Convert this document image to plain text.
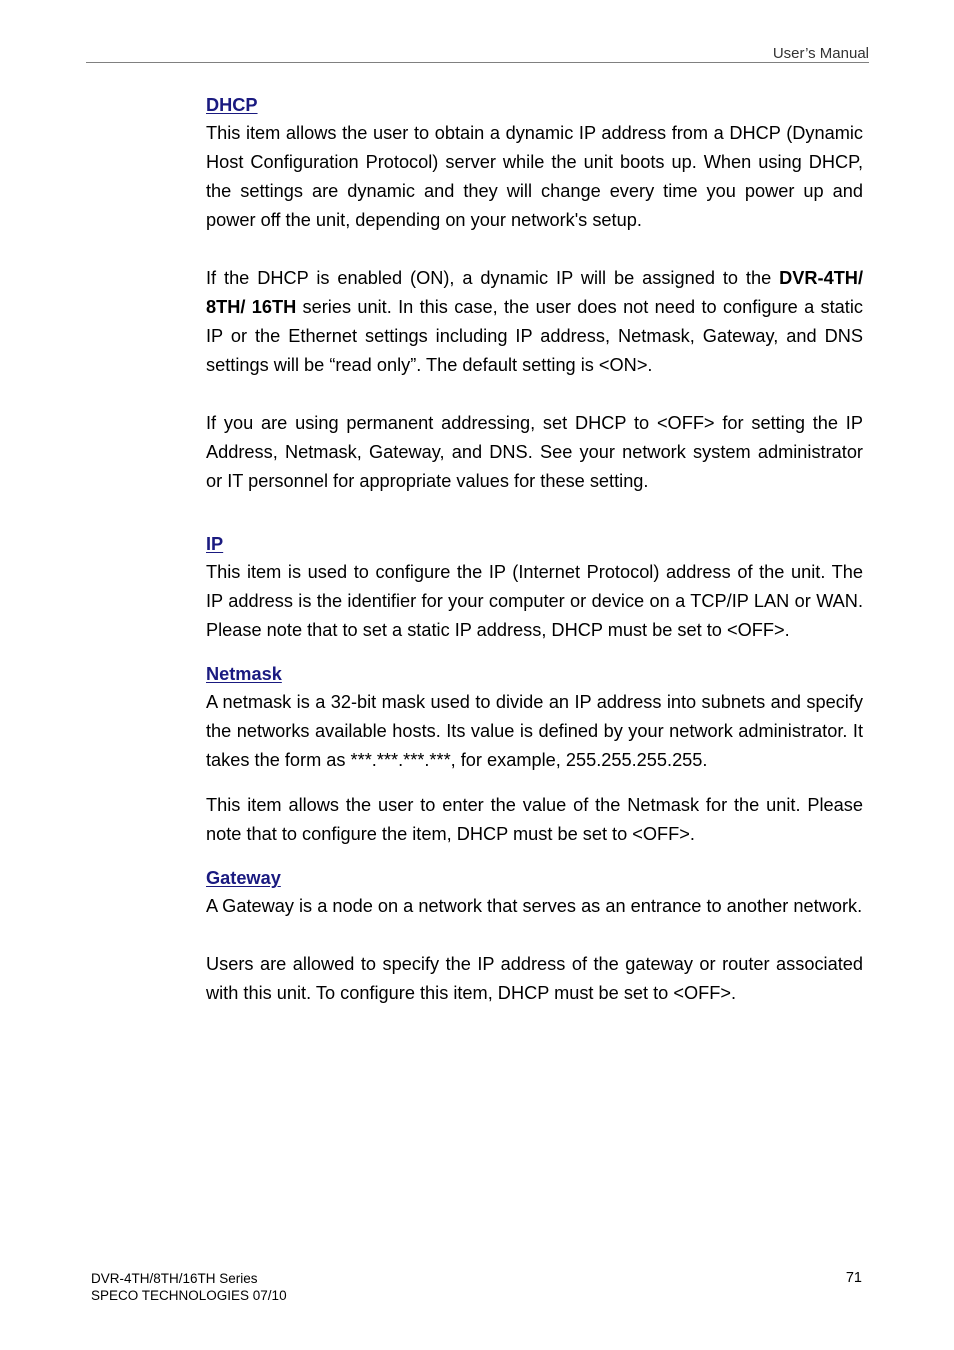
User’s Manual
DHCP

This item allows the user to obtain a dynamic IP address from a DHCP (Dynamic Host Configuration Protocol) server while the unit boots up. When using DHCP, the settings are dynamic and they will change every time you power up and power off the unit, depending on your network's setup.

If the DHCP is enabled (ON), a dynamic IP will be assigned to the DVR-4TH/ 8TH/ 16TH series unit. In this case, the user does not need to configure a static IP or the Ethernet settings including IP address, Netmask, Gateway, and DNS settings will be “read only”. The default setting is <ON>.

If you are using permanent addressing, set DHCP to <OFF> for setting the IP Address, Netmask, Gateway, and DNS. See your network system administrator or IT personnel for appropriate values for these setting.

IP

This item is used to configure the IP (Internet Protocol) address of the unit. The IP address is the identifier for your computer or device on a TCP/IP LAN or WAN. Please note that to set a static IP address, DHCP must be set to <OFF>.

Netmask

A netmask is a 32-bit mask used to divide an IP address into subnets and specify the networks available hosts. Its value is defined by your network administrator. It takes the form as ***.***.***.***, for example, 255.255.255.255.

This item allows the user to enter the value of the Netmask for the unit. Please note that to configure the item, DHCP must be set to <OFF>.

Gateway

A Gateway is a node on a network that serves as an entrance to another network.

Users are allowed to specify the IP address of the gateway or router associated with this unit. To configure this item, DHCP must be set to <OFF>.

DVR-4TH/8TH/16TH Series
SPECO TECHNOLOGIES 07/10
71
